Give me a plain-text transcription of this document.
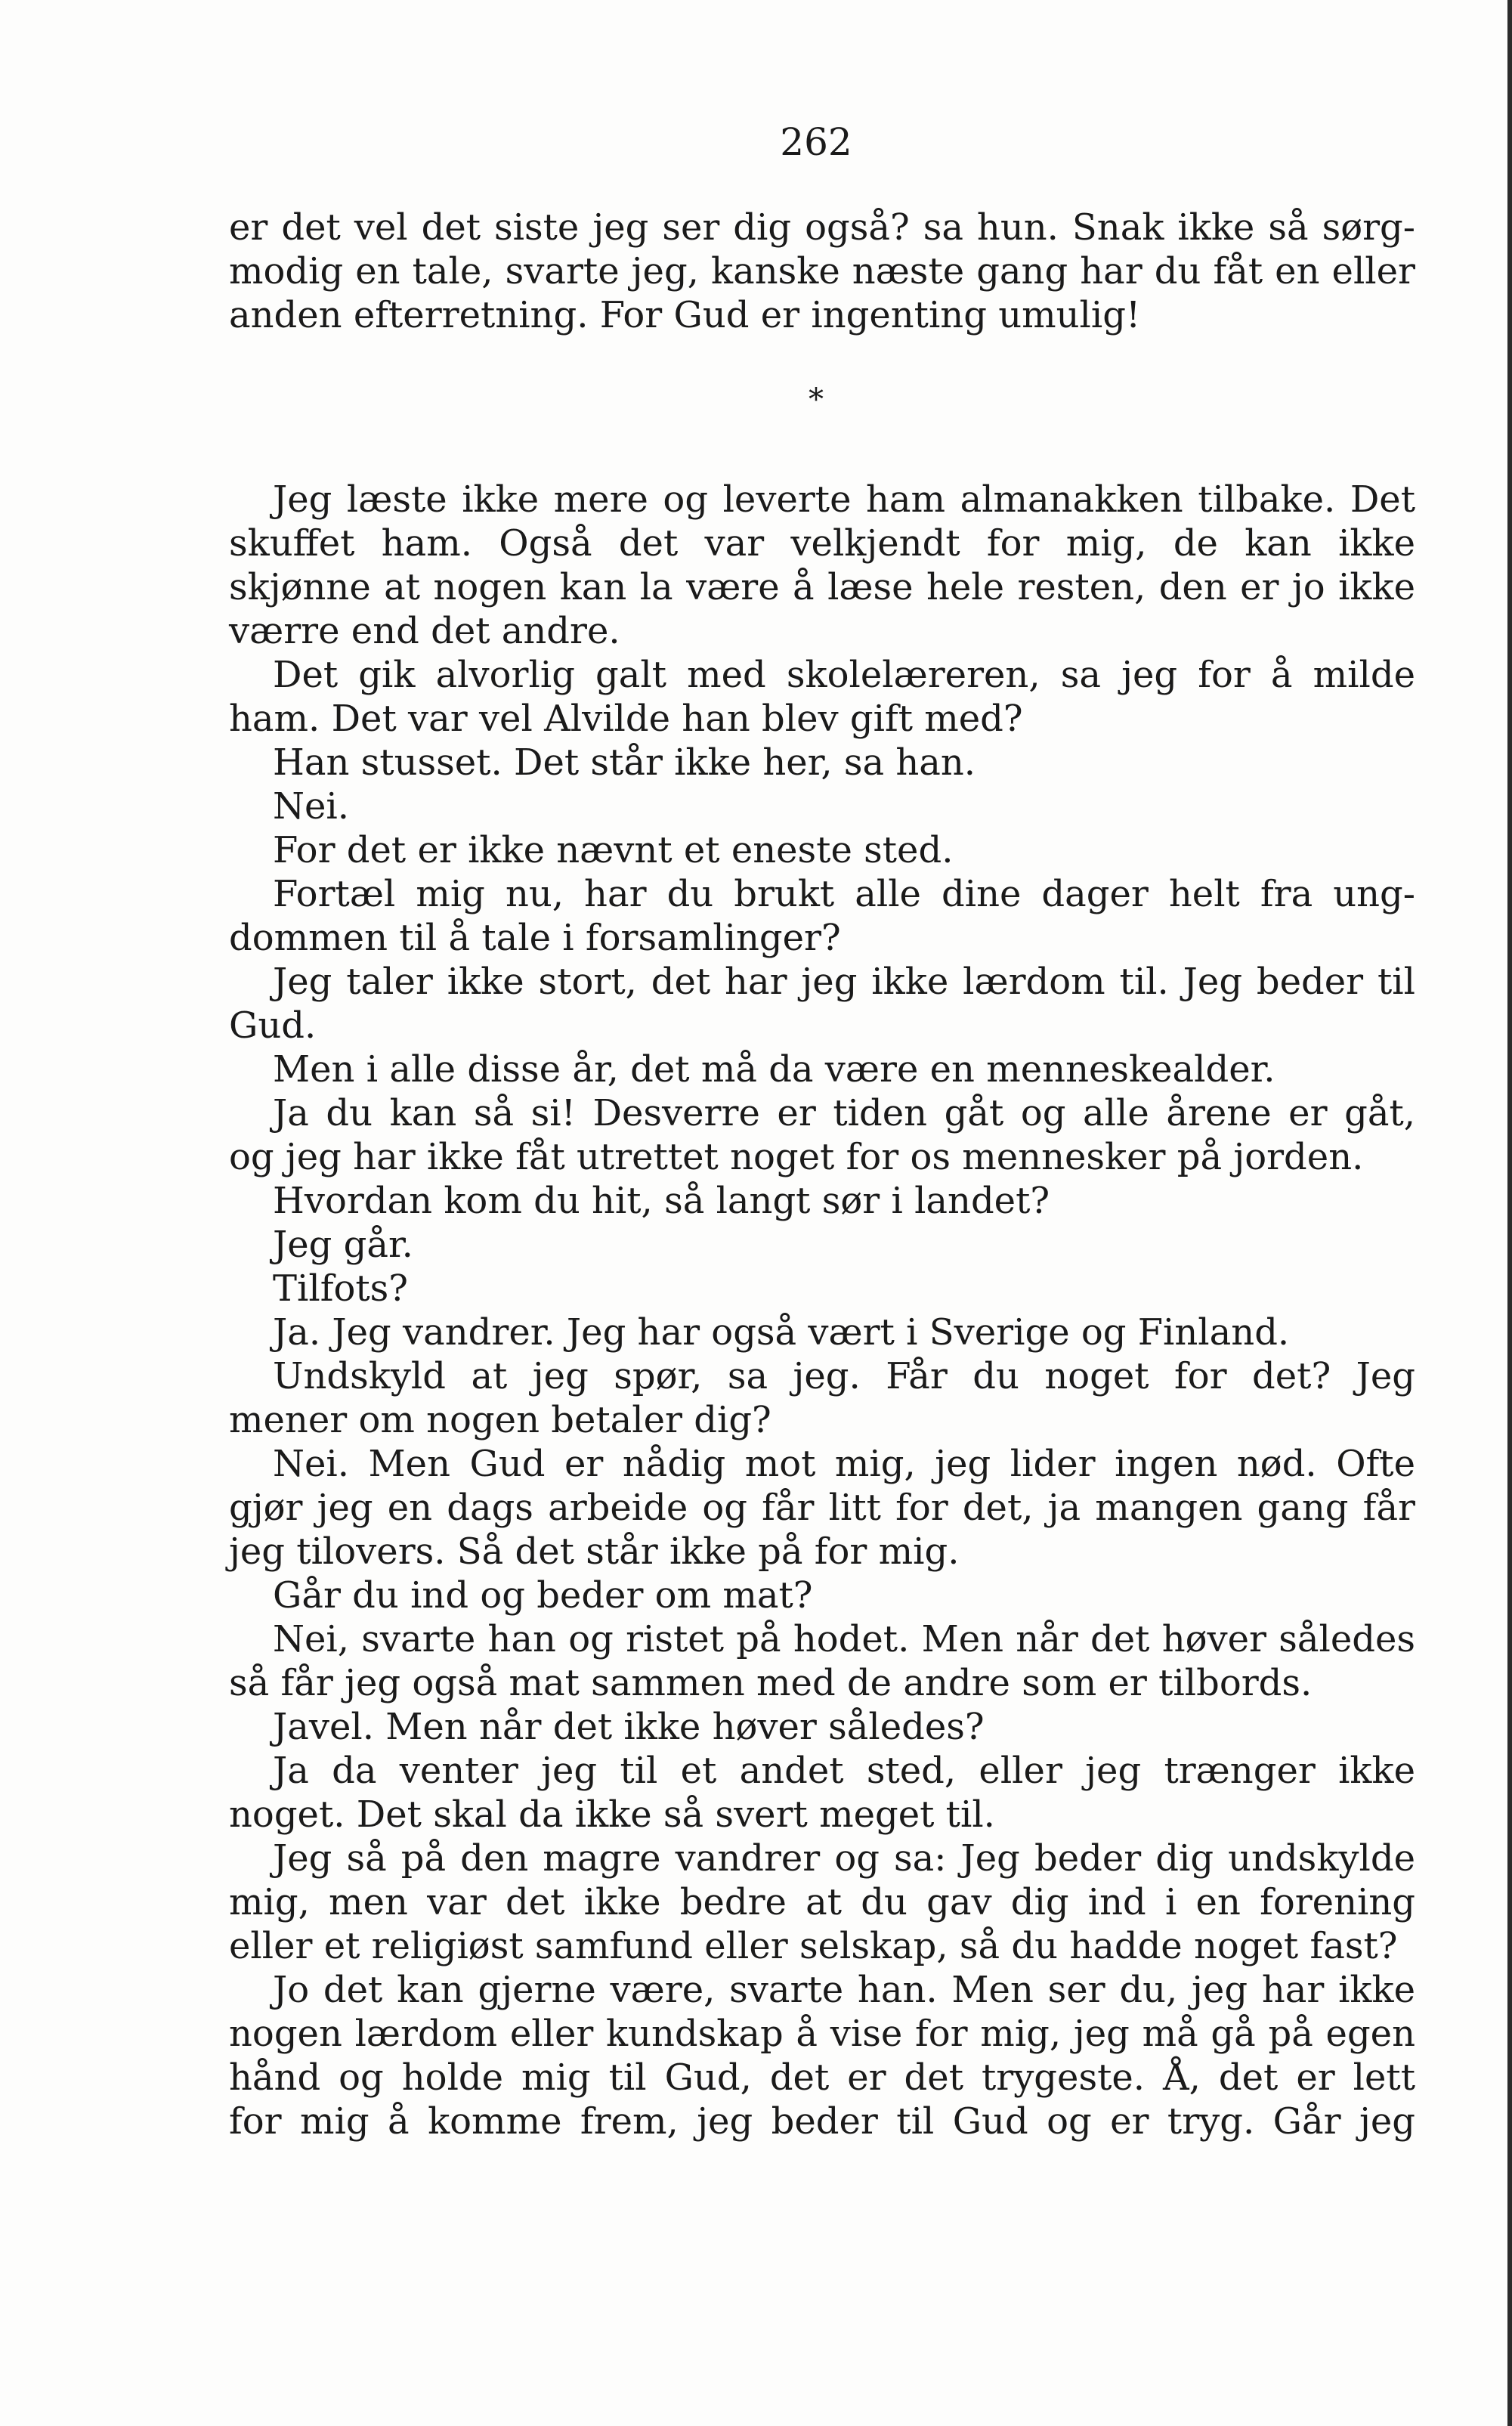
262
er det vel det siste jeg ser dig også? sa hun. Snak ikke så sørg-
modig en tale, svarte jeg, kanske næste gang har du fåt en eller
anden efterretning. For Gud er ingenting umulig!
*
Jeg læste ikke mere og leverte ham almanakken tilbake. Det
skuffet ham. Også det var velkjendt for mig, de kan ikke
skjønne at nogen kan la være å læse hele resten, den er jo ikke
værre end det andre.
Det gik alvorlig galt med skolelæreren, sa jeg for å milde
ham. Det var vel Alvilde han blev gift med?
Han stusset. Det står ikke her, sa han.
Nei.
For det er ikke nævnt et eneste sted.
Fortæl mig nu, har du brukt alle dine dager helt fra ung-
dommen til å tale i forsamlinger?
Jeg taler ikke stort, det har jeg ikke lærdom til. Jeg beder til
Gud.
Men i alle disse år, det må da være en menneskealder.
Ja du kan så si! Desverre er tiden gåt og alle årene er gåt,
og jeg har ikke fåt utrettet noget for os mennesker på jorden.
Hvordan kom du hit, så langt sør i landet?
Jeg går.
Tilfots?
Ja. Jeg vandrer. Jeg har også vært i Sverige og Finland.
Undskyld at jeg spør, sa jeg. Får du noget for det? Jeg
mener om nogen betaler dig?
Nei. Men Gud er nådig mot mig, jeg lider ingen nød. Ofte
gjør jeg en dags arbeide og får litt for det, ja mangen gang får
jeg tilovers. Så det står ikke på for mig.
Går du ind og beder om mat?
Nei, svarte han og ristet på hodet. Men når det høver således
så får jeg også mat sammen med de andre som er tilbords.
Javel. Men når det ikke høver således?
Ja da venter jeg til et andet sted, eller jeg trænger ikke
noget. Det skal da ikke så svert meget til.
Jeg så på den magre vandrer og sa: Jeg beder dig undskylde
mig, men var det ikke bedre at du gav dig ind i en forening
eller et religiøst samfund eller selskap, så du hadde noget fast?
Jo det kan gjerne være, svarte han. Men ser du, jeg har ikke
nogen lærdom eller kundskap å vise for mig, jeg må gå på egen
hånd og holde mig til Gud, det er det trygeste. Å, det er lett
for mig å komme frem, jeg beder til Gud og er tryg. Går jeg
